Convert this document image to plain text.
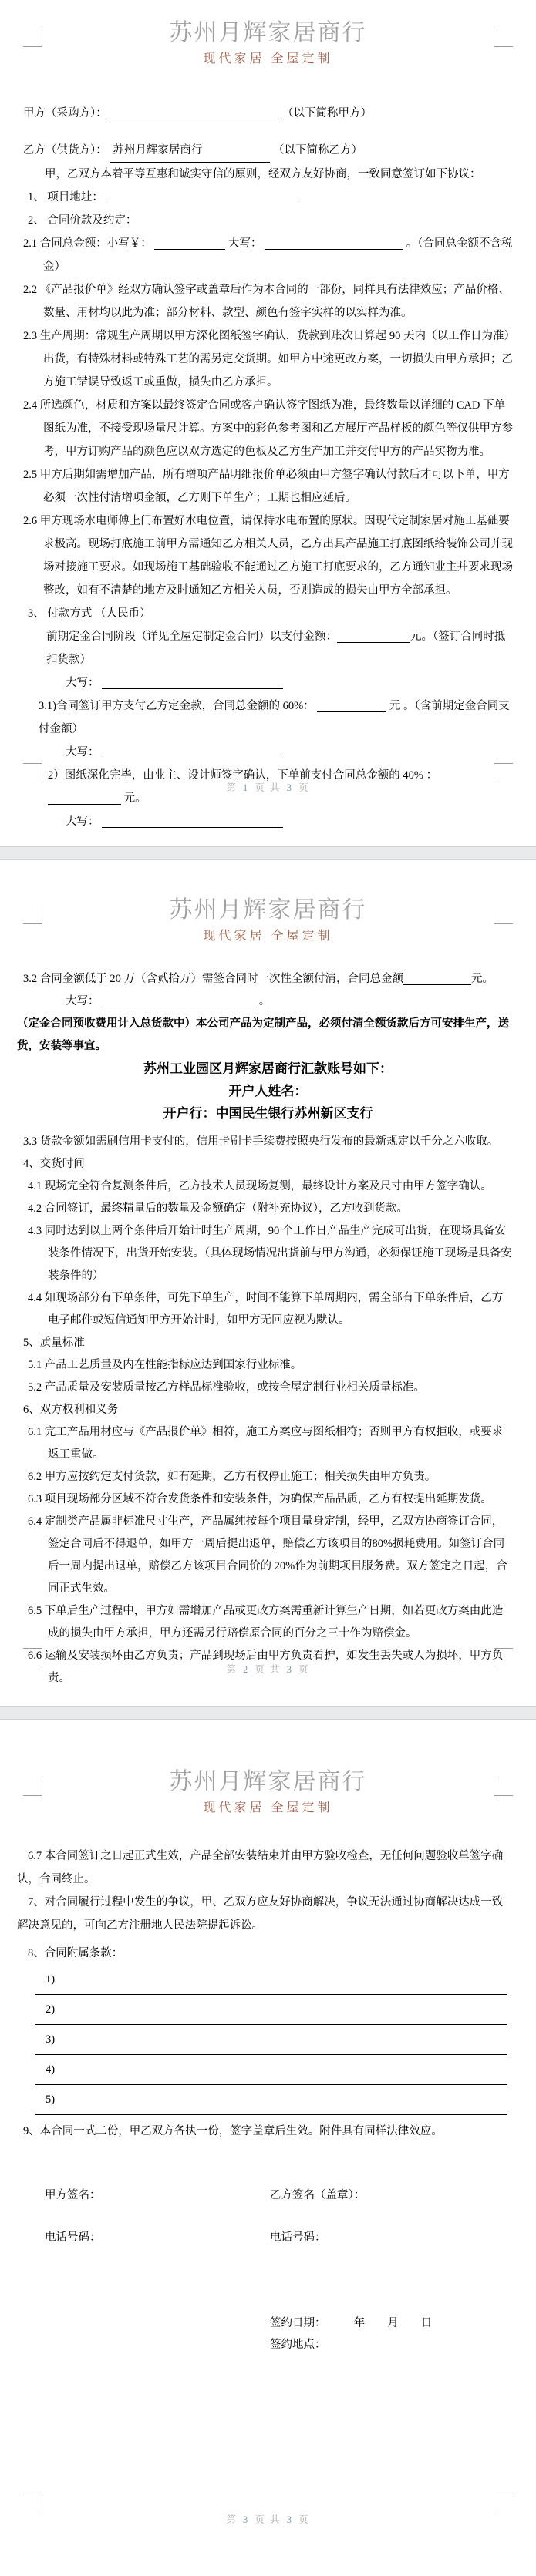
苏州月辉家居商行
现代家居 全屋定制

甲方（采购方）：	（以下简称甲方）

乙方（供货方）： 苏州月辉家居商行	（以下简称乙方）

甲，乙双方本着平等互惠和诚实守信的原则，经双方友好协商，一致同意签订如下协议：

1、 项目地址：

2、 合同价款及约定：

2.1 合同总金额：小写￥：	大写：	。（合同总金额不含税金）

2.2 《产品报价单》经双方确认签字或盖章后作为本合同的一部份，同样具有法律效应；产品价格、数量、用材均以此为准；部分材料、款型、颜色有签字实样的以实样为准。

2.3 生产周期：常规生产周期以甲方深化图纸签字确认，货款到账次日算起 90 天内（以工作日为准）出货，有特殊材料或特殊工艺的需另定交货期。如甲方中途更改方案，一切损失由甲方承担；乙方施工错误导致返工或重做，损失由乙方承担。

2.4 所选颜色，材质和方案以最终签定合同或客户确认签字图纸为准，最终数量以详细的 CAD 下单图纸为准，不接受现场量尺计算。方案中的彩色参考图和乙方展厅产品样板的颜色等仅供甲方参考，甲方订购产品的颜色应以双方选定的色板及乙方生产加工并交付甲方的产品实物为准。

2.5 甲方后期如需增加产品，所有增项产品明细报价单必须由甲方签字确认付款后才可以下单，甲方必须一次性付清增项金额，乙方则下单生产；工期也相应延后。

2.6 甲方现场水电师傅上门布置好水电位置，请保持水电布置的原状。因现代定制家居对施工基础要求极高。现场打底施工前甲方需通知乙方相关人员，乙方出具产品施工打底图纸给装饰公司并现场对接施工要求。如现场施工基础验收不能通过乙方施工打底要求的，乙方通知业主并要求现场整改，如有不清楚的地方及时通知乙方相关人员，否则造成的损失由甲方全部承担。

3、 付款方式 （人民币）

前期定金合同阶段（详见全屋定制定金合同）以支付金额：	元。（签订合同时抵扣货款）

大写：

3.1)合同签订甲方支付乙方定金款，合同总金额的 60%：	元 。（含前期定金合同支付金额）

大写：

2）图纸深化完毕，由业主、设计师签字确认，下单前支付合同总金额的 40% ：  元。

大写：

第 1 页 共 3 页
苏州月辉家居商行
现代家居 全屋定制

3.2 合同金额低于 20 万（含贰拾万）需签合同时一次性全额付清，合同总金额	元。

大写：	。

（定金合同预收费用计入总货款中）本公司产品为定制产品，必须付清全额货款后方可安排生产，送货，安装等事宜。

苏州工业园区月辉家居商行汇款账号如下：

开户人姓名：

开户行：中国民生银行苏州新区支行

3.3 货款金额如需刷信用卡支付的，信用卡刷卡手续费按照央行发布的最新规定以千分之六收取。

4、交货时间

4.1 现场完全符合复测条件后，乙方技术人员现场复测，最终设计方案及尺寸由甲方签字确认。

4.2 合同签订，最终精量后的数量及金额确定（附补充协议），乙方收到货款。

4.3 同时达到以上两个条件后开始计时生产周期，90 个工作日产品生产完成可出货，在现场具备安装条件情况下，出货开始安装。（具体现场情况出货前与甲方沟通，必须保证施工现场是具备安装条件的）

4.4 如现场部分有下单条件，可先下单生产，时间不能算下单周期内，需全部有下单条件后，乙方电子邮件或短信通知甲方开始计时，如甲方无回应视为默认。

5、质量标准

5.1 产品工艺质量及内在性能指标应达到国家行业标准。

5.2 产品质量及安装质量按乙方样品标准验收，或按全屋定制行业相关质量标准。

6、双方权利和义务

6.1 完工产品用材应与《产品报价单》相符，施工方案应与图纸相符；否则甲方有权拒收，或要求返工重做。

6.2 甲方应按约定支付货款，如有延期，乙方有权停止施工；相关损失由甲方负责。

6.3 项目现场部分区域不符合发货条件和安装条件，为确保产品品质，乙方有权提出延期发货。

6.4 定制类产品属非标准尺寸生产，产品属纯按每个项目量身定制，经甲，乙双方协商签订合同，签定合同后不得退单，如甲方一周后提出退单，赔偿乙方该项目的80%损耗费用。如签订合同后一周内提出退单，赔偿乙方该项目合同价的 20%作为前期项目服务费。双方签定之日起，合同正式生效。

6.5 下单后生产过程中，甲方如需增加产品或更改方案需重新计算生产日期，如若更改方案由此造成的损失由甲方承担，甲方还需另行赔偿原合同的百分之三十作为赔偿金。

6.6 运输及安装损坏由乙方负责；产品到现场后由甲方负责看护，如发生丢失或人为损坏，甲方负责。

第 2 页 共 3 页
苏州月辉家居商行
现代家居 全屋定制

6.7 本合同签订之日起正式生效，产品全部安装结束并由甲方验收检查，无任何问题验收单签字确认，合同终止。

7、对合同履行过程中发生的争议，甲、乙双方应友好协商解决，争议无法通过协商解决达成一致解决意见的，可向乙方注册地人民法院提起诉讼。

8、合同附属条款：

1)

2)

3)

4)

5)

9、本合同一式二份，甲乙双方各执一份，签字盖章后生效。附件具有同样法律效应。

甲方签名：	乙方签名（盖章）：
电话号码：	电话号码：

签约日期：　　　年　　月　　日

签约地点：

第 3 页 共 3 页
